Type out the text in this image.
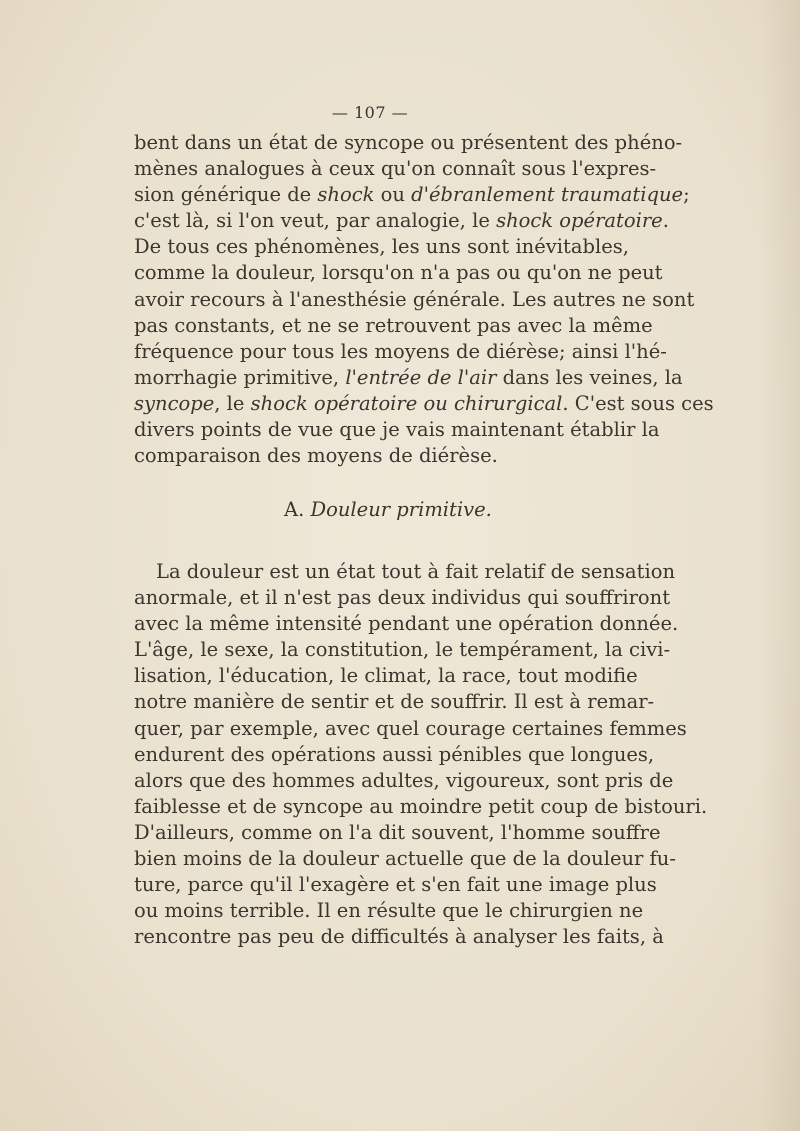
— 107 —
bent dans un état de syncope ou présentent des phéno-
mènes analogues à ceux qu'on connaît sous l'expres-
sion générique de shock ou d'ébranlement traumatique;
c'est là, si l'on veut, par analogie, le shock opératoire.
De tous ces phénomènes, les uns sont inévitables,
comme la douleur, lorsqu'on n'a pas ou qu'on ne peut
avoir recours à l'anesthésie générale. Les autres ne sont
pas constants, et ne se retrouvent pas avec la même
fréquence pour tous les moyens de diérèse; ainsi l'hé-
morrhagie primitive, l'entrée de l'air dans les veines, la
syncope, le shock opératoire ou chirurgical. C'est sous ces
divers points de vue que je vais maintenant établir la
comparaison des moyens de diérèse.
A. Douleur primitive.
La douleur est un état tout à fait relatif de sensation
anormale, et il n'est pas deux individus qui souffriront
avec la même intensité pendant une opération donnée.
L'âge, le sexe, la constitution, le tempérament, la civi-
lisation, l'éducation, le climat, la race, tout modifie
notre manière de sentir et de souffrir. Il est à remar-
quer, par exemple, avec quel courage certaines femmes
endurent des opérations aussi pénibles que longues,
alors que des hommes adultes, vigoureux, sont pris de
faiblesse et de syncope au moindre petit coup de bistouri.
D'ailleurs, comme on l'a dit souvent, l'homme souffre
bien moins de la douleur actuelle que de la douleur fu-
ture, parce qu'il l'exagère et s'en fait une image plus
ou moins terrible. Il en résulte que le chirurgien ne
rencontre pas peu de difficultés à analyser les faits, à
